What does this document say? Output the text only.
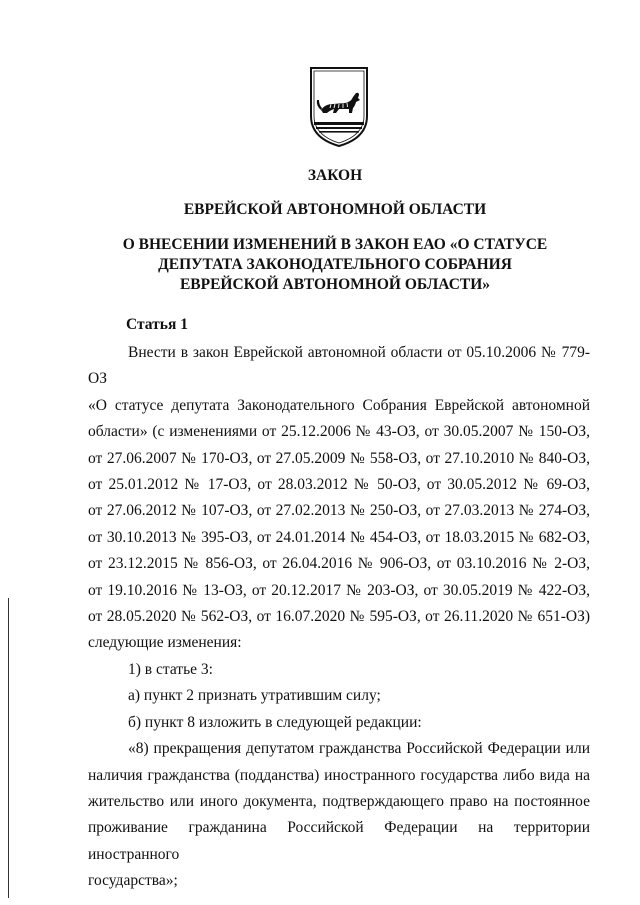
ЗАКОН
ЕВРЕЙСКОЙ АВТОНОМНОЙ ОБЛАСТИ
О ВНЕСЕНИИ ИЗМЕНЕНИЙ В ЗАКОН ЕАО «О СТАТУСЕ
ДЕПУТАТА ЗАКОНОДАТЕЛЬНОГО СОБРАНИЯ
ЕВРЕЙСКОЙ АВТОНОМНОЙ ОБЛАСТИ»
Статья 1

Внести в закон Еврейской автономной области от 05.10.2006 № 779-ОЗ

«О статусе депутата Законодательного Собрания Еврейской автономной

области» (с изменениями от 25.12.2006 № 43-ОЗ, от 30.05.2007 № 150-ОЗ,

от 27.06.2007 № 170-ОЗ, от 27.05.2009 № 558-ОЗ, от 27.10.2010 № 840-ОЗ,

от 25.01.2012 № 17-ОЗ, от 28.03.2012 № 50-ОЗ, от 30.05.2012 № 69-ОЗ,

от 27.06.2012 № 107-ОЗ, от 27.02.2013 № 250-ОЗ, от 27.03.2013 № 274-ОЗ,

от 30.10.2013 № 395-ОЗ, от 24.01.2014 № 454-ОЗ, от 18.03.2015 № 682-ОЗ,

от 23.12.2015 № 856-ОЗ, от 26.04.2016 № 906-ОЗ, от 03.10.2016 № 2-ОЗ,

от 19.10.2016 № 13-ОЗ, от 20.12.2017 № 203-ОЗ, от 30.05.2019 № 422-ОЗ,

от 28.05.2020 № 562-ОЗ, от 16.07.2020 № 595-ОЗ, от 26.11.2020 № 651-ОЗ)

следующие изменения:

1) в статье 3:

а) пункт 2 признать утратившим силу;

б) пункт 8 изложить в следующей редакции:

«8) прекращения депутатом гражданства Российской Федерации или

наличия гражданства (подданства) иностранного государства либо вида на

жительство или иного документа, подтверждающего право на постоянное

проживание гражданина Российской Федерации на территории иностранного

государства»;
